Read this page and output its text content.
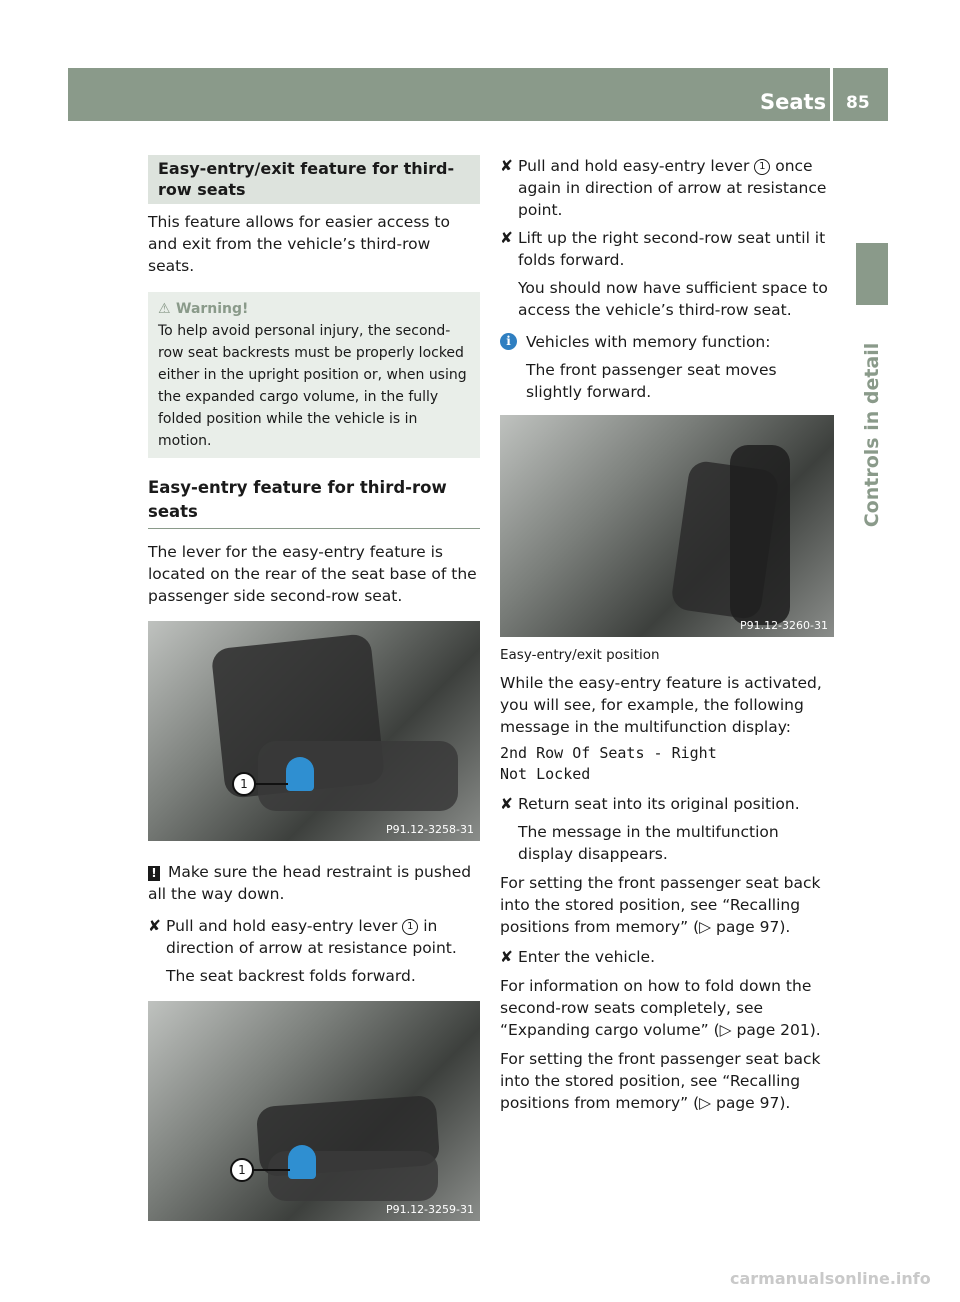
Seats 85
Controls in detail
Easy-entry/exit feature for third-row seats

This feature allows for easier access to and exit from the vehicle’s third-row seats.

⚠ Warning!

To help avoid personal injury, the second-row seat backrests must be properly locked either in the upright position or, when using the expanded cargo volume, in the fully folded position while the vehicle is in motion.

Easy-entry feature for third-row seats

The lever for the easy-entry feature is located on the rear of the seat base of the passenger side second-row seat.

1
P91.12-3258-31

! Make sure the head restraint is pushed all the way down.

✘ Pull and hold easy-entry lever 1 in direction of arrow at resistance point.

The seat backrest folds forward.

1
P91.12-3259-31
✘ Pull and hold easy-entry lever 1 once again in direction of arrow at resistance point.
✘ Lift up the right second-row seat until it folds forward.

You should now have sufficient space to access the vehicle’s third-row seat.

i Vehicles with memory function:

The front passenger seat moves slightly forward.

P91.12-3260-31

Easy-entry/exit position

While the easy-entry feature is activated, you will see, for example, the following message in the multifunction display:

2nd Row Of Seats - Right
Not Locked
✘ Return seat into its original position.

The message in the multifunction display disappears.

For setting the front passenger seat back into the stored position, see “Recalling positions from memory” (▷ page 97).

✘ Enter the vehicle.

For information on how to fold down the second-row seats completely, see “Expanding cargo volume” (▷ page 201).

For setting the front passenger seat back into the stored position, see “Recalling positions from memory” (▷ page 97).

carmanualsonline.info
